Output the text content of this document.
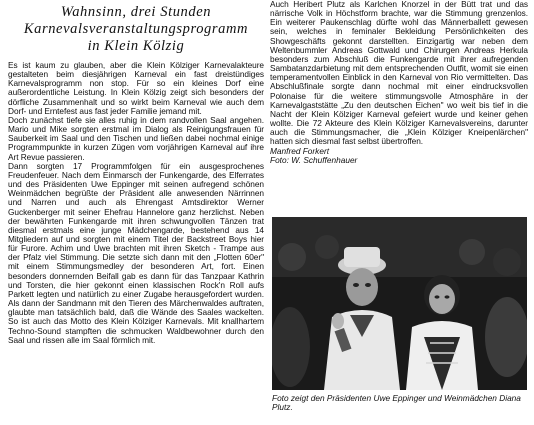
Wahnsinn, drei Stunden
Karnevalsveranstaltungsprogramm
in Klein Kölzig

Es ist kaum zu glauben, aber die Klein Kölziger Karnevalakteure gestalteten beim diesjährigen Karneval ein fast dreistündiges Karnevalsprogramm non stop. Für so ein kleines Dorf eine außerordentliche Leistung. In Klein Kölzig zeigt sich besonders der dörfliche Zusammenhalt und so wirkt beim Karneval wie auch dem Dorf- und Erntefest aus fast jeder Familie jemand mit.

Doch zunächst tiefe sie alles ruhig in dem randvollen Saal angehen. Mario und Mike sorgten erstmal im Dialog als Reinigungsfrauen für Sauberkeit im Saal und den Tischen und ließen dabei nochmal einige Programmpunkte in kurzen Zügen vom vorjährigen Karneval auf ihre Art Revue passieren.

Dann sorgten 17 Programmfolgen für ein ausgesprochenes Freudenfeuer. Nach dem Einmarsch der Funkengarde, des Elferrates und des Präsidenten Uwe Eppinger mit seinen aufregend schönen Weinmädchen begrüßte der Präsident alle anwesenden Närrinnen und Narren und auch als Ehrengast Amtsdirektor Werner Guckenberger mit seiner Ehefrau Hannelore ganz herzlichst. Neben der bewährten Funkengarde mit ihren schwungvollen Tänzen trat diesmal erstmals eine junge Mädchengarde, bestehend aus 14 Mitgliedern auf und sorgten mit einem Titel der Backstreet Boys hier für Furore. Achim und Uwe brachten mit ihren Sketch - Trampe aus der Pfalz viel Stimmung. Die setzte sich dann mit den „Flotten 60er" mit einem Stimmungsmedley der besonderen Art, fort. Einen besonders donnernden Beifall gab es dann für das Tanzpaar Kathrin und Torsten, die hier gekonnt einen klassischen Rock'n Roll aufs Parkett legten und natürlich zu einer Zugabe herausgefordert wurden. Als dann der Sandmann mit den Tieren des Märchenwaldes auftraten, glaubte man tatsächlich bald, daß die Wände des Saales wackelten. So ist auch das Motto des Klein Kölziger Karnevals. Mit knallhartem Techno-Sound stampften die schmucken Waldbewohner durch den Saal und rissen alle im Saal förmlich mit.

Auch Heribert Plutz als Karlchen Knorzel in der Bütt trat und das närrische Volk in Höchstform brachte, war die Stimmung grenzenlos. Ein weiterer Paukenschlag dürfte wohl das Männerballett gewesen sein, welches in feminaler Bekleidung Persönlichkeiten des Showgeschäfts gekonnt darstellten. Einzigartig war neben dem Weltenbummler Andreas Gottwald und Chirurgen Andreas Herkula besonders zum Abschluß die Funkengarde mit ihrer aufregenden Sambatanzdarbietung mit dem entsprechenden Outfit, womit sie einen temperamentvollen Einblick in den Karneval von Rio vermittelten. Das Abschlußfinale sorgte dann nochmal mit einer eindrucksvollen Polonaise für die weitere stimmungsvolle Atmosphäre in der Karnevalgaststätte „Zu den deutschen Eichen" wo weit bis tief in die Nacht der Klein Kölziger Karneval gefeiert wurde und keiner gehen wollte. Die 72 Akteure des Klein Kölziger Karnevalsvereins, darunter auch die Stimmungsmacher, die „Klein Kölziger Kneipenlärchen" hatten sich diesmal fast selbst übertroffen.

Manfred Forkert

Foto: W. Schuffenhauer

Foto zeigt den Präsidenten Uwe Eppinger und Weinmädchen Diana Plutz.
